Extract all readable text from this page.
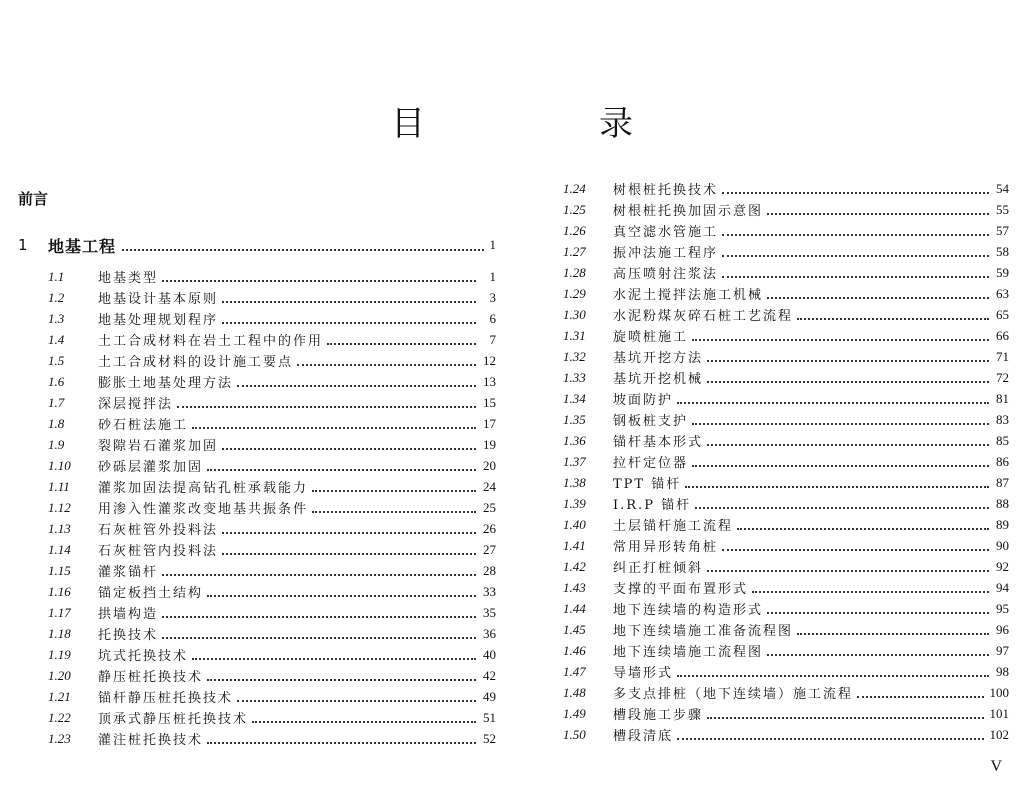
目　录
前言
1	地基工程	1
1.1	地基类型	1
1.2	地基设计基本原则	3
1.3	地基处理规划程序	6
1.4	土工合成材料在岩土工程中的作用	7
1.5	土工合成材料的设计施工要点	12
1.6	膨胀土地基处理方法	13
1.7	深层搅拌法	15
1.8	砂石桩法施工	17
1.9	裂隙岩石灌浆加固	19
1.10	砂砾层灌浆加固	20
1.11	灌浆加固法提高钻孔桩承载能力	24
1.12	用渗入性灌浆改变地基共振条件	25
1.13	石灰桩管外投料法	26
1.14	石灰桩管内投料法	27
1.15	灌浆锚杆	28
1.16	锚定板挡土结构	33
1.17	拱墙构造	35
1.18	托换技术	36
1.19	坑式托换技术	40
1.20	静压桩托换技术	42
1.21	锚杆静压桩托换技术	49
1.22	顶承式静压桩托换技术	51
1.23	灌注桩托换技术	52
1.24	树根桩托换技术	54
1.25	树根桩托换加固示意图	55
1.26	真空滤水管施工	57
1.27	振冲法施工程序	58
1.28	高压喷射注浆法	59
1.29	水泥土搅拌法施工机械	63
1.30	水泥粉煤灰碎石桩工艺流程	65
1.31	旋喷桩施工	66
1.32	基坑开挖方法	71
1.33	基坑开挖机械	72
1.34	坡面防护	81
1.35	钢板桩支护	83
1.36	锚杆基本形式	85
1.37	拉杆定位器	86
1.38	TPT 锚杆	87
1.39	I.R.P 锚杆	88
1.40	土层锚杆施工流程	89
1.41	常用异形转角桩	90
1.42	纠正打桩倾斜	92
1.43	支撑的平面布置形式	94
1.44	地下连续墙的构造形式	95
1.45	地下连续墙施工准备流程图	96
1.46	地下连续墙施工流程图	97
1.47	导墙形式	98
1.48	多支点排桩（地下连续墙）施工流程	100
1.49	槽段施工步骤	101
1.50	槽段清底	102
V
